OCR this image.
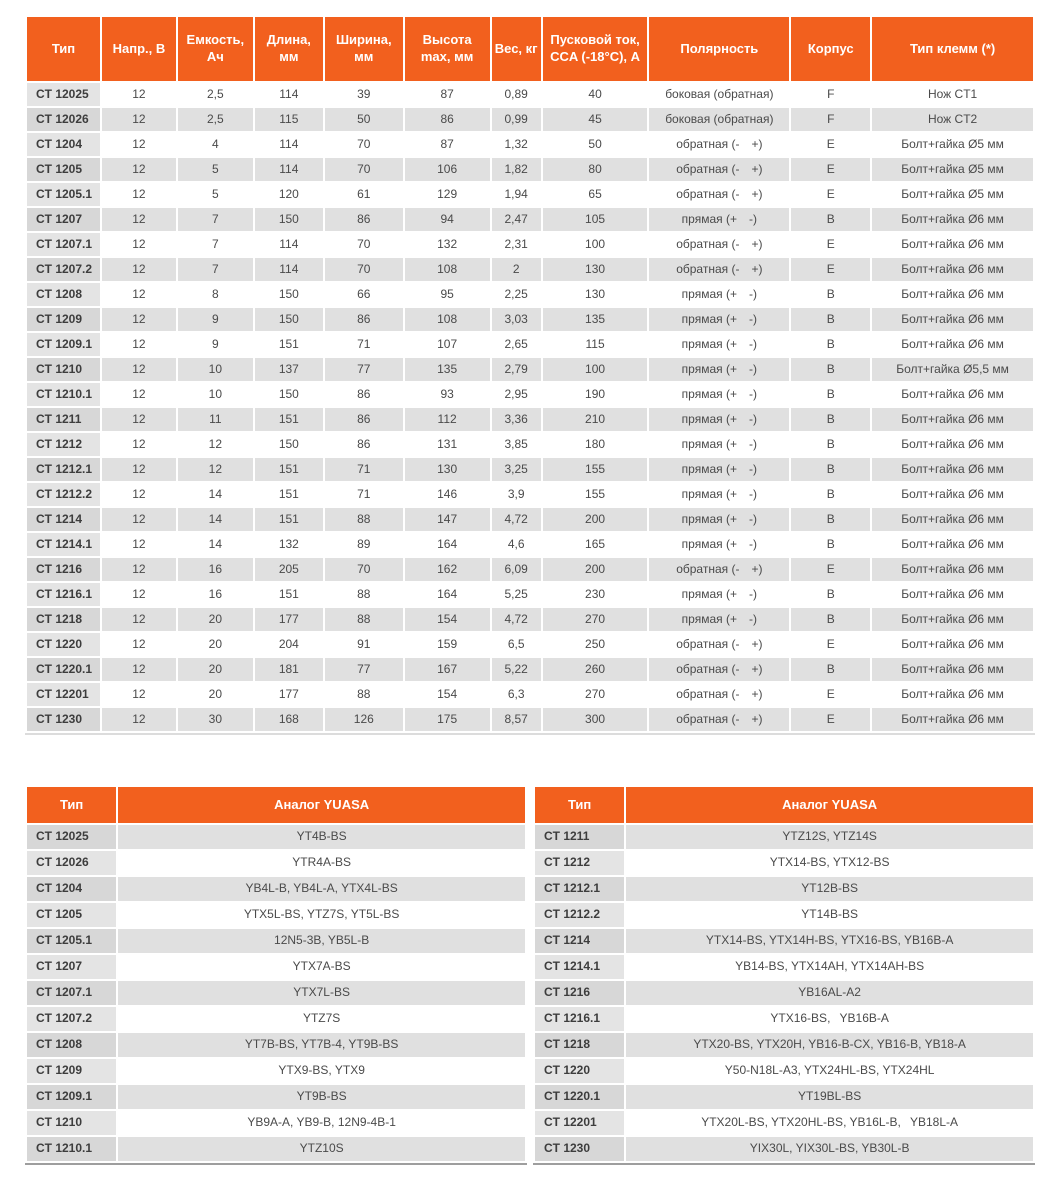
Тип	Напр., В	Емкость, Ач	Длина, мм	Ширина, мм	Высота max, мм	Вес, кг	Пусковой ток, CCA (-18°C), А	Полярность	Корпус	Тип клемм (*)
CT 12025	12	2,5	114	39	87	0,89	40	боковая (обратная)	F	Нож CT1
CT 12026	12	2,5	115	50	86	0,99	45	боковая (обратная)	F	Нож CT2
CT 1204	12	4	114	70	87	1,32	50	обратная (-  +)	E	Болт+гайка Ø5 мм
CT 1205	12	5	114	70	106	1,82	80	обратная (-  +)	E	Болт+гайка Ø5 мм
CT 1205.1	12	5	120	61	129	1,94	65	обратная (-  +)	E	Болт+гайка Ø5 мм
CT 1207	12	7	150	86	94	2,47	105	прямая (+  -)	B	Болт+гайка Ø6 мм
CT 1207.1	12	7	114	70	132	2,31	100	обратная (-  +)	E	Болт+гайка Ø6 мм
CT 1207.2	12	7	114	70	108	2	130	обратная (-  +)	E	Болт+гайка Ø6 мм
CT 1208	12	8	150	66	95	2,25	130	прямая (+  -)	B	Болт+гайка Ø6 мм
CT 1209	12	9	150	86	108	3,03	135	прямая (+  -)	B	Болт+гайка Ø6 мм
CT 1209.1	12	9	151	71	107	2,65	115	прямая (+  -)	B	Болт+гайка Ø6 мм
CT 1210	12	10	137	77	135	2,79	100	прямая (+  -)	B	Болт+гайка Ø5,5 мм
CT 1210.1	12	10	150	86	93	2,95	190	прямая (+  -)	B	Болт+гайка Ø6 мм
CT 1211	12	11	151	86	112	3,36	210	прямая (+  -)	B	Болт+гайка Ø6 мм
CT 1212	12	12	150	86	131	3,85	180	прямая (+  -)	B	Болт+гайка Ø6 мм
CT 1212.1	12	12	151	71	130	3,25	155	прямая (+  -)	B	Болт+гайка Ø6 мм
CT 1212.2	12	14	151	71	146	3,9	155	прямая (+  -)	B	Болт+гайка Ø6 мм
CT 1214	12	14	151	88	147	4,72	200	прямая (+  -)	B	Болт+гайка Ø6 мм
CT 1214.1	12	14	132	89	164	4,6	165	прямая (+  -)	B	Болт+гайка Ø6 мм
CT 1216	12	16	205	70	162	6,09	200	обратная (-  +)	E	Болт+гайка Ø6 мм
CT 1216.1	12	16	151	88	164	5,25	230	прямая (+  -)	B	Болт+гайка Ø6 мм
CT 1218	12	20	177	88	154	4,72	270	прямая (+  -)	B	Болт+гайка Ø6 мм
CT 1220	12	20	204	91	159	6,5	250	обратная (-  +)	E	Болт+гайка Ø6 мм
CT 1220.1	12	20	181	77	167	5,22	260	обратная (-  +)	B	Болт+гайка Ø6 мм
CT 12201	12	20	177	88	154	6,3	270	обратная (-  +)	E	Болт+гайка Ø6 мм
CT 1230	12	30	168	126	175	8,57	300	обратная (-  +)	E	Болт+гайка Ø6 мм
Тип	Аналог YUASA
CT 12025	YT4B-BS
CT 12026	YTR4A-BS
CT 1204	YB4L-B, YB4L-A, YTX4L-BS
CT 1205	YTX5L-BS, YTZ7S, YT5L-BS
CT 1205.1	12N5-3B, YB5L-B
CT 1207	YTX7A-BS
CT 1207.1	YTX7L-BS
CT 1207.2	YTZ7S
CT 1208	YT7B-BS, YT7B-4, YT9B-BS
CT 1209	YTX9-BS, YTX9
CT 1209.1	YT9B-BS
CT 1210	YB9A-A, YB9-B, 12N9-4B-1
CT 1210.1	YTZ10S
Тип	Аналог YUASA
CT 1211	YTZ12S, YTZ14S
CT 1212	YTX14-BS, YTX12-BS
CT 1212.1	YT12B-BS
CT 1212.2	YT14B-BS
CT 1214	YTX14-BS, YTX14H-BS, YTX16-BS, YB16B-A
CT 1214.1	YB14-BS, YTX14AH, YTX14AH-BS
CT 1216	YB16AL-A2
CT 1216.1	YTX16-BS,  YB16B-A
CT 1218	YTX20-BS, YTX20H, YB16-B-CX, YB16-B, YB18-A
CT 1220	Y50-N18L-A3, YTX24HL-BS, YTX24HL
CT 1220.1	YT19BL-BS
CT 12201	YTX20L-BS, YTX20HL-BS, YB16L-B,  YB18L-A
CT 1230	YIX30L, YIX30L-BS, YB30L-B
